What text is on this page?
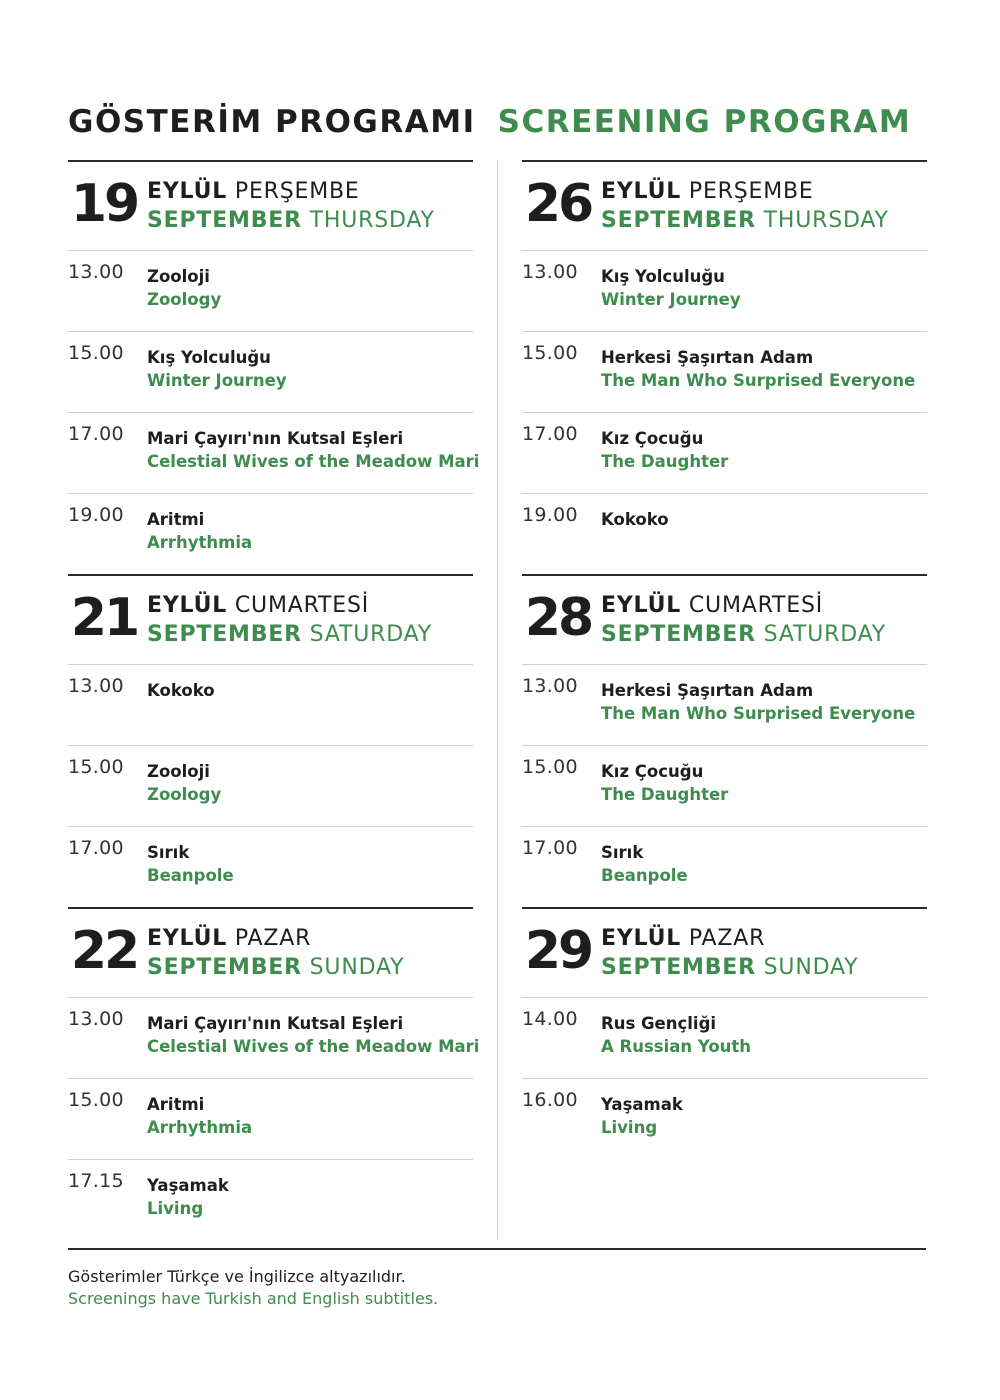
GÖSTERİM PROGRAMI SCREENING PROGRAM
19 EYLÜL PERŞEMBE
SEPTEMBER THURSDAY
13.00 Zooloji
Zoology
15.00 Kış Yolculuğu
Winter Journey
17.00 Mari Çayırı'nın Kutsal Eşleri
Celestial Wives of the Meadow Mari
19.00 Aritmi
Arrhythmia
21 EYLÜL CUMARTESİ
SEPTEMBER SATURDAY
13.00 Kokoko
15.00 Zooloji
Zoology
17.00 Sırık
Beanpole
22 EYLÜL PAZAR
SEPTEMBER SUNDAY
13.00 Mari Çayırı'nın Kutsal Eşleri
Celestial Wives of the Meadow Mari
15.00 Aritmi
Arrhythmia
17.15 Yaşamak
Living
26 EYLÜL PERŞEMBE
SEPTEMBER THURSDAY
13.00 Kış Yolculuğu
Winter Journey
15.00 Herkesi Şaşırtan Adam
The Man Who Surprised Everyone
17.00 Kız Çocuğu
The Daughter
19.00 Kokoko
28 EYLÜL CUMARTESİ
SEPTEMBER SATURDAY
13.00 Herkesi Şaşırtan Adam
The Man Who Surprised Everyone
15.00 Kız Çocuğu
The Daughter
17.00 Sırık
Beanpole
29 EYLÜL PAZAR
SEPTEMBER SUNDAY
14.00 Rus Gençliği
A Russian Youth
16.00 Yaşamak
Living
Gösterimler Türkçe ve İngilizce altyazılıdır.
Screenings have Turkish and English subtitles.
